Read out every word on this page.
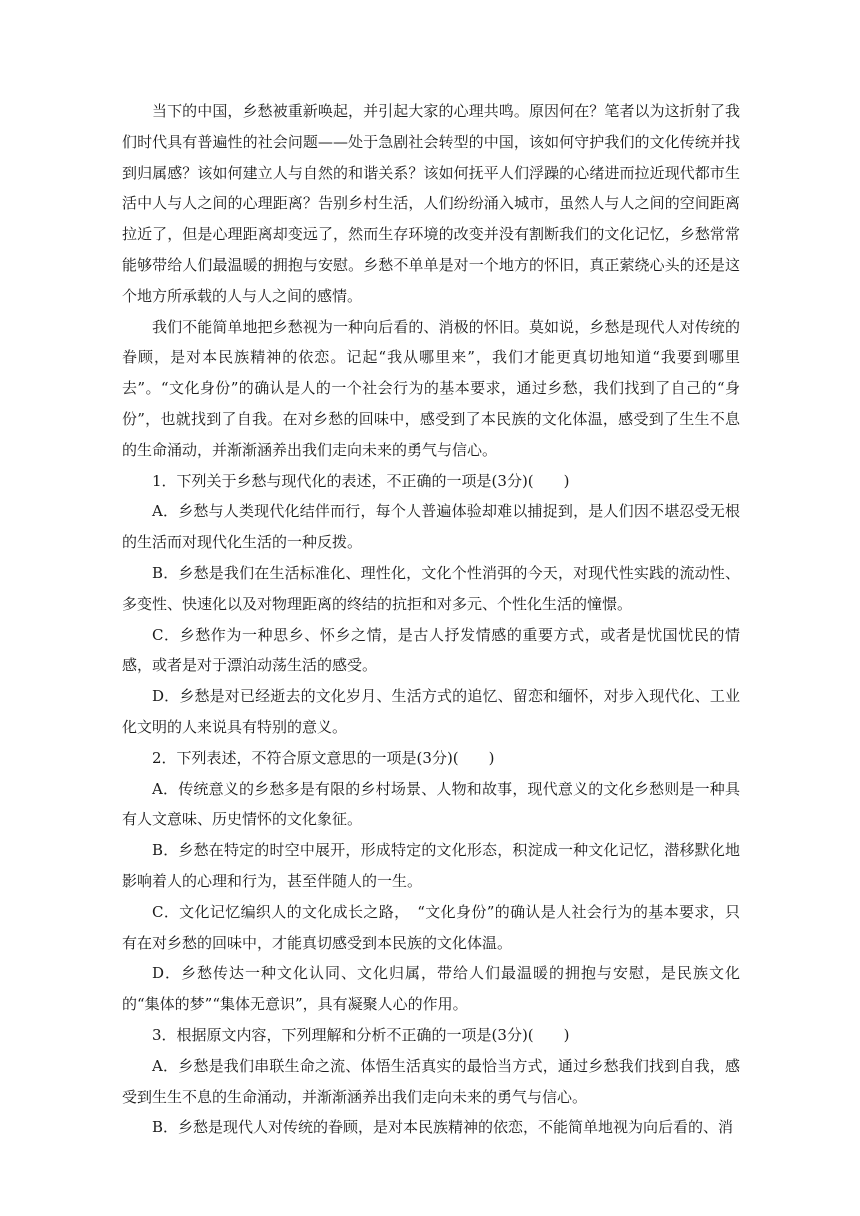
当下的中国，乡愁被重新唤起，并引起大家的心理共鸣。原因何在？笔者以为这折射了我们时代具有普遍性的社会问题——处于急剧社会转型的中国，该如何守护我们的文化传统并找到归属感？该如何建立人与自然的和谐关系？该如何抚平人们浮躁的心绪进而拉近现代都市生活中人与人之间的心理距离？告别乡村生活，人们纷纷涌入城市，虽然人与人之间的空间距离拉近了，但是心理距离却变远了，然而生存环境的改变并没有割断我们的文化记忆，乡愁常常能够带给人们最温暖的拥抱与安慰。乡愁不单单是对一个地方的怀旧，真正萦绕心头的还是这个地方所承载的人与人之间的感情。

我们不能简单地把乡愁视为一种向后看的、消极的怀旧。莫如说，乡愁是现代人对传统的眷顾，是对本民族精神的依恋。记起“我从哪里来”，我们才能更真切地知道“我要到哪里去”。“文化身份”的确认是人的一个社会行为的基本要求，通过乡愁，我们找到了自己的“身份”，也就找到了自我。在对乡愁的回味中，感受到了本民族的文化体温，感受到了生生不息的生命涌动，并渐渐涵养出我们走向未来的勇气与信心。

1．下列关于乡愁与现代化的表述，不正确的一项是(3分)(　　)

A．乡愁与人类现代化结伴而行，每个人普遍体验却难以捕捉到，是人们因不堪忍受无根的生活而对现代化生活的一种反拨。

B．乡愁是我们在生活标准化、理性化，文化个性消弭的今天，对现代性实践的流动性、多变性、快速化以及对物理距离的终结的抗拒和对多元、个性化生活的憧憬。

C．乡愁作为一种思乡、怀乡之情，是古人抒发情感的重要方式，或者是忧国忧民的情感，或者是对于漂泊动荡生活的感受。

D．乡愁是对已经逝去的文化岁月、生活方式的追忆、留恋和缅怀，对步入现代化、工业化文明的人来说具有特别的意义。

2．下列表述，不符合原文意思的一项是(3分)(　　)

A．传统意义的乡愁多是有限的乡村场景、人物和故事，现代意义的文化乡愁则是一种具有人文意味、历史情怀的文化象征。

B．乡愁在特定的时空中展开，形成特定的文化形态，积淀成一种文化记忆，潜移默化地影响着人的心理和行为，甚至伴随人的一生。

C．文化记忆编织人的文化成长之路，　“文化身份”的确认是人社会行为的基本要求，只有在对乡愁的回味中，才能真切感受到本民族的文化体温。

D．乡愁传达一种文化认同、文化归属，带给人们最温暖的拥抱与安慰，是民族文化的“集体的梦”“集体无意识”，具有凝聚人心的作用。

3．根据原文内容，下列理解和分析不正确的一项是(3分)(　　)

A．乡愁是我们串联生命之流、体悟生活真实的最恰当方式，通过乡愁我们找到自我，感受到生生不息的生命涌动，并渐渐涵养出我们走向未来的勇气与信心。

B．乡愁是现代人对传统的眷顾，是对本民族精神的依恋，不能简单地视为向后看的、消
